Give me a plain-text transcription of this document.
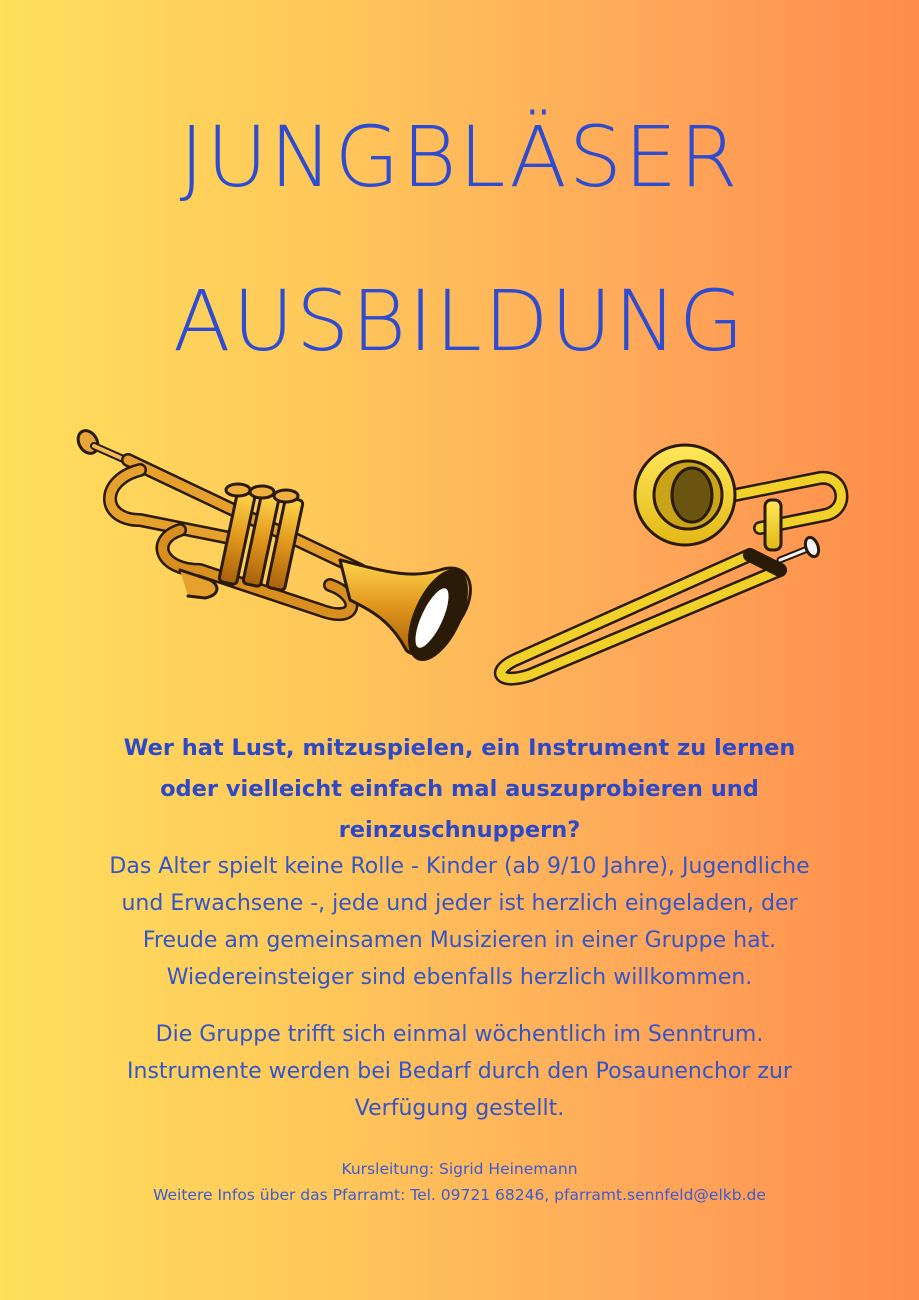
JUNGBLÄSER
AUSBILDUNG

Wer hat Lust, mitzuspielen, ein Instrument zu lernen
oder vielleicht einfach mal auszuprobieren und
reinzuschnuppern?

Das Alter spielt keine Rolle - Kinder (ab 9/10 Jahre), Jugendliche
und Erwachsene -, jede und jeder ist herzlich eingeladen, der
Freude am gemeinsamen Musizieren in einer Gruppe hat.
Wiedereinsteiger sind ebenfalls herzlich willkommen.

Die Gruppe trifft sich einmal wöchentlich im Senntrum.
Instrumente werden bei Bedarf durch den Posaunenchor zur
Verfügung gestellt.

Kursleitung: Sigrid Heinemann

Weitere Infos über das Pfarramt: Tel. 09721 68246, pfarramt.sennfeld@elkb.de
